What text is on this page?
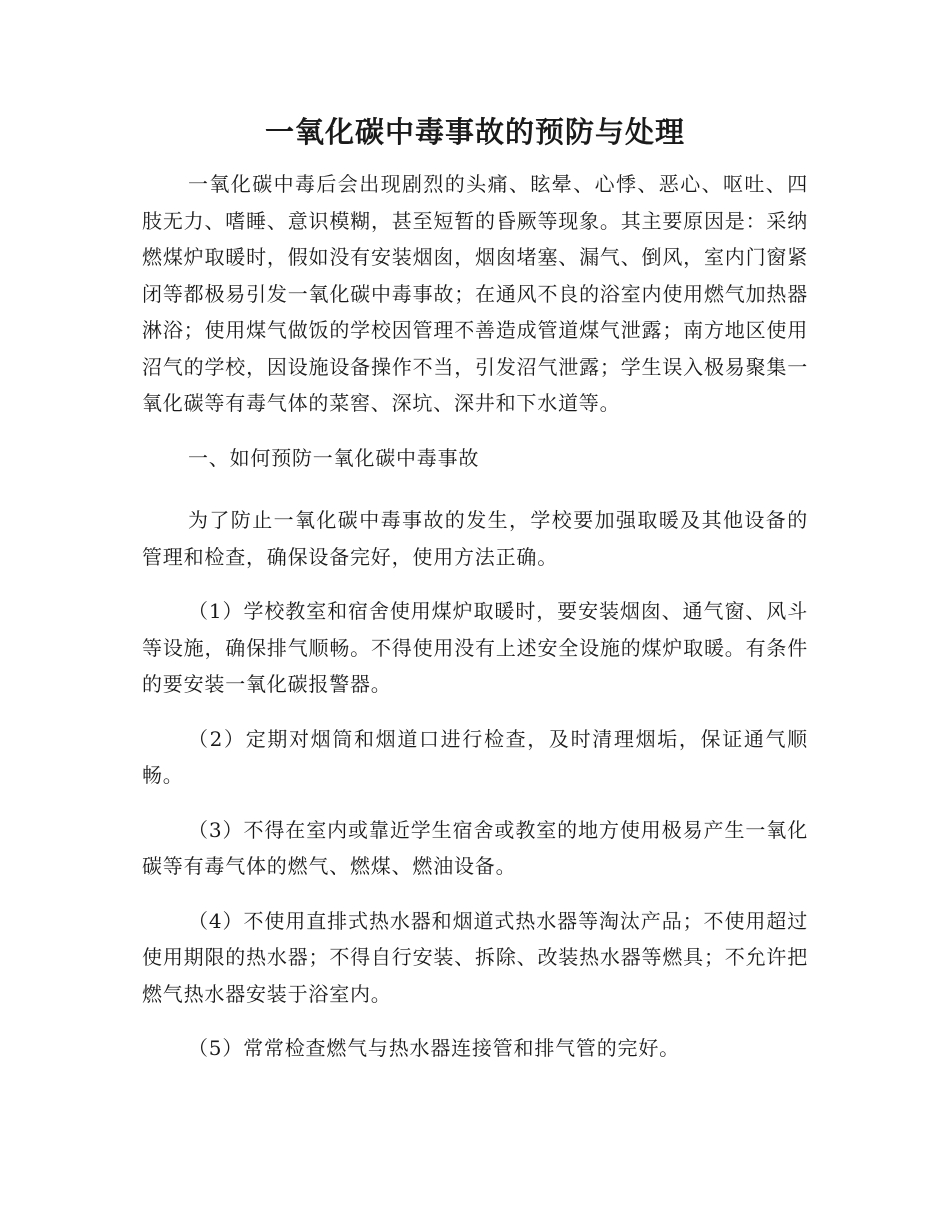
一氧化碳中毒事故的预防与处理

一氧化碳中毒后会出现剧烈的头痛、眩晕、心悸、恶心、呕吐、四肢无力、嗜睡、意识模糊，甚至短暂的昏厥等现象。其主要原因是：采纳燃煤炉取暖时，假如没有安装烟囱，烟囱堵塞、漏气、倒风，室内门窗紧闭等都极易引发一氧化碳中毒事故；在通风不良的浴室内使用燃气加热器淋浴；使用煤气做饭的学校因管理不善造成管道煤气泄露；南方地区使用沼气的学校，因设施设备操作不当，引发沼气泄露；学生误入极易聚集一氧化碳等有毒气体的菜窖、深坑、深井和下水道等。

一、如何预防一氧化碳中毒事故

为了防止一氧化碳中毒事故的发生，学校要加强取暖及其他设备的管理和检查，确保设备完好，使用方法正确。

（1）学校教室和宿舍使用煤炉取暖时，要安装烟囱、通气窗、风斗等设施，确保排气顺畅。不得使用没有上述安全设施的煤炉取暖。有条件的要安装一氧化碳报警器。

（2）定期对烟筒和烟道口进行检查，及时清理烟垢，保证通气顺畅。

（3）不得在室内或靠近学生宿舍或教室的地方使用极易产生一氧化碳等有毒气体的燃气、燃煤、燃油设备。

（4）不使用直排式热水器和烟道式热水器等淘汰产品；不使用超过使用期限的热水器；不得自行安装、拆除、改装热水器等燃具；不允许把燃气热水器安装于浴室内。

（5）常常检查燃气与热水器连接管和排气管的完好。
